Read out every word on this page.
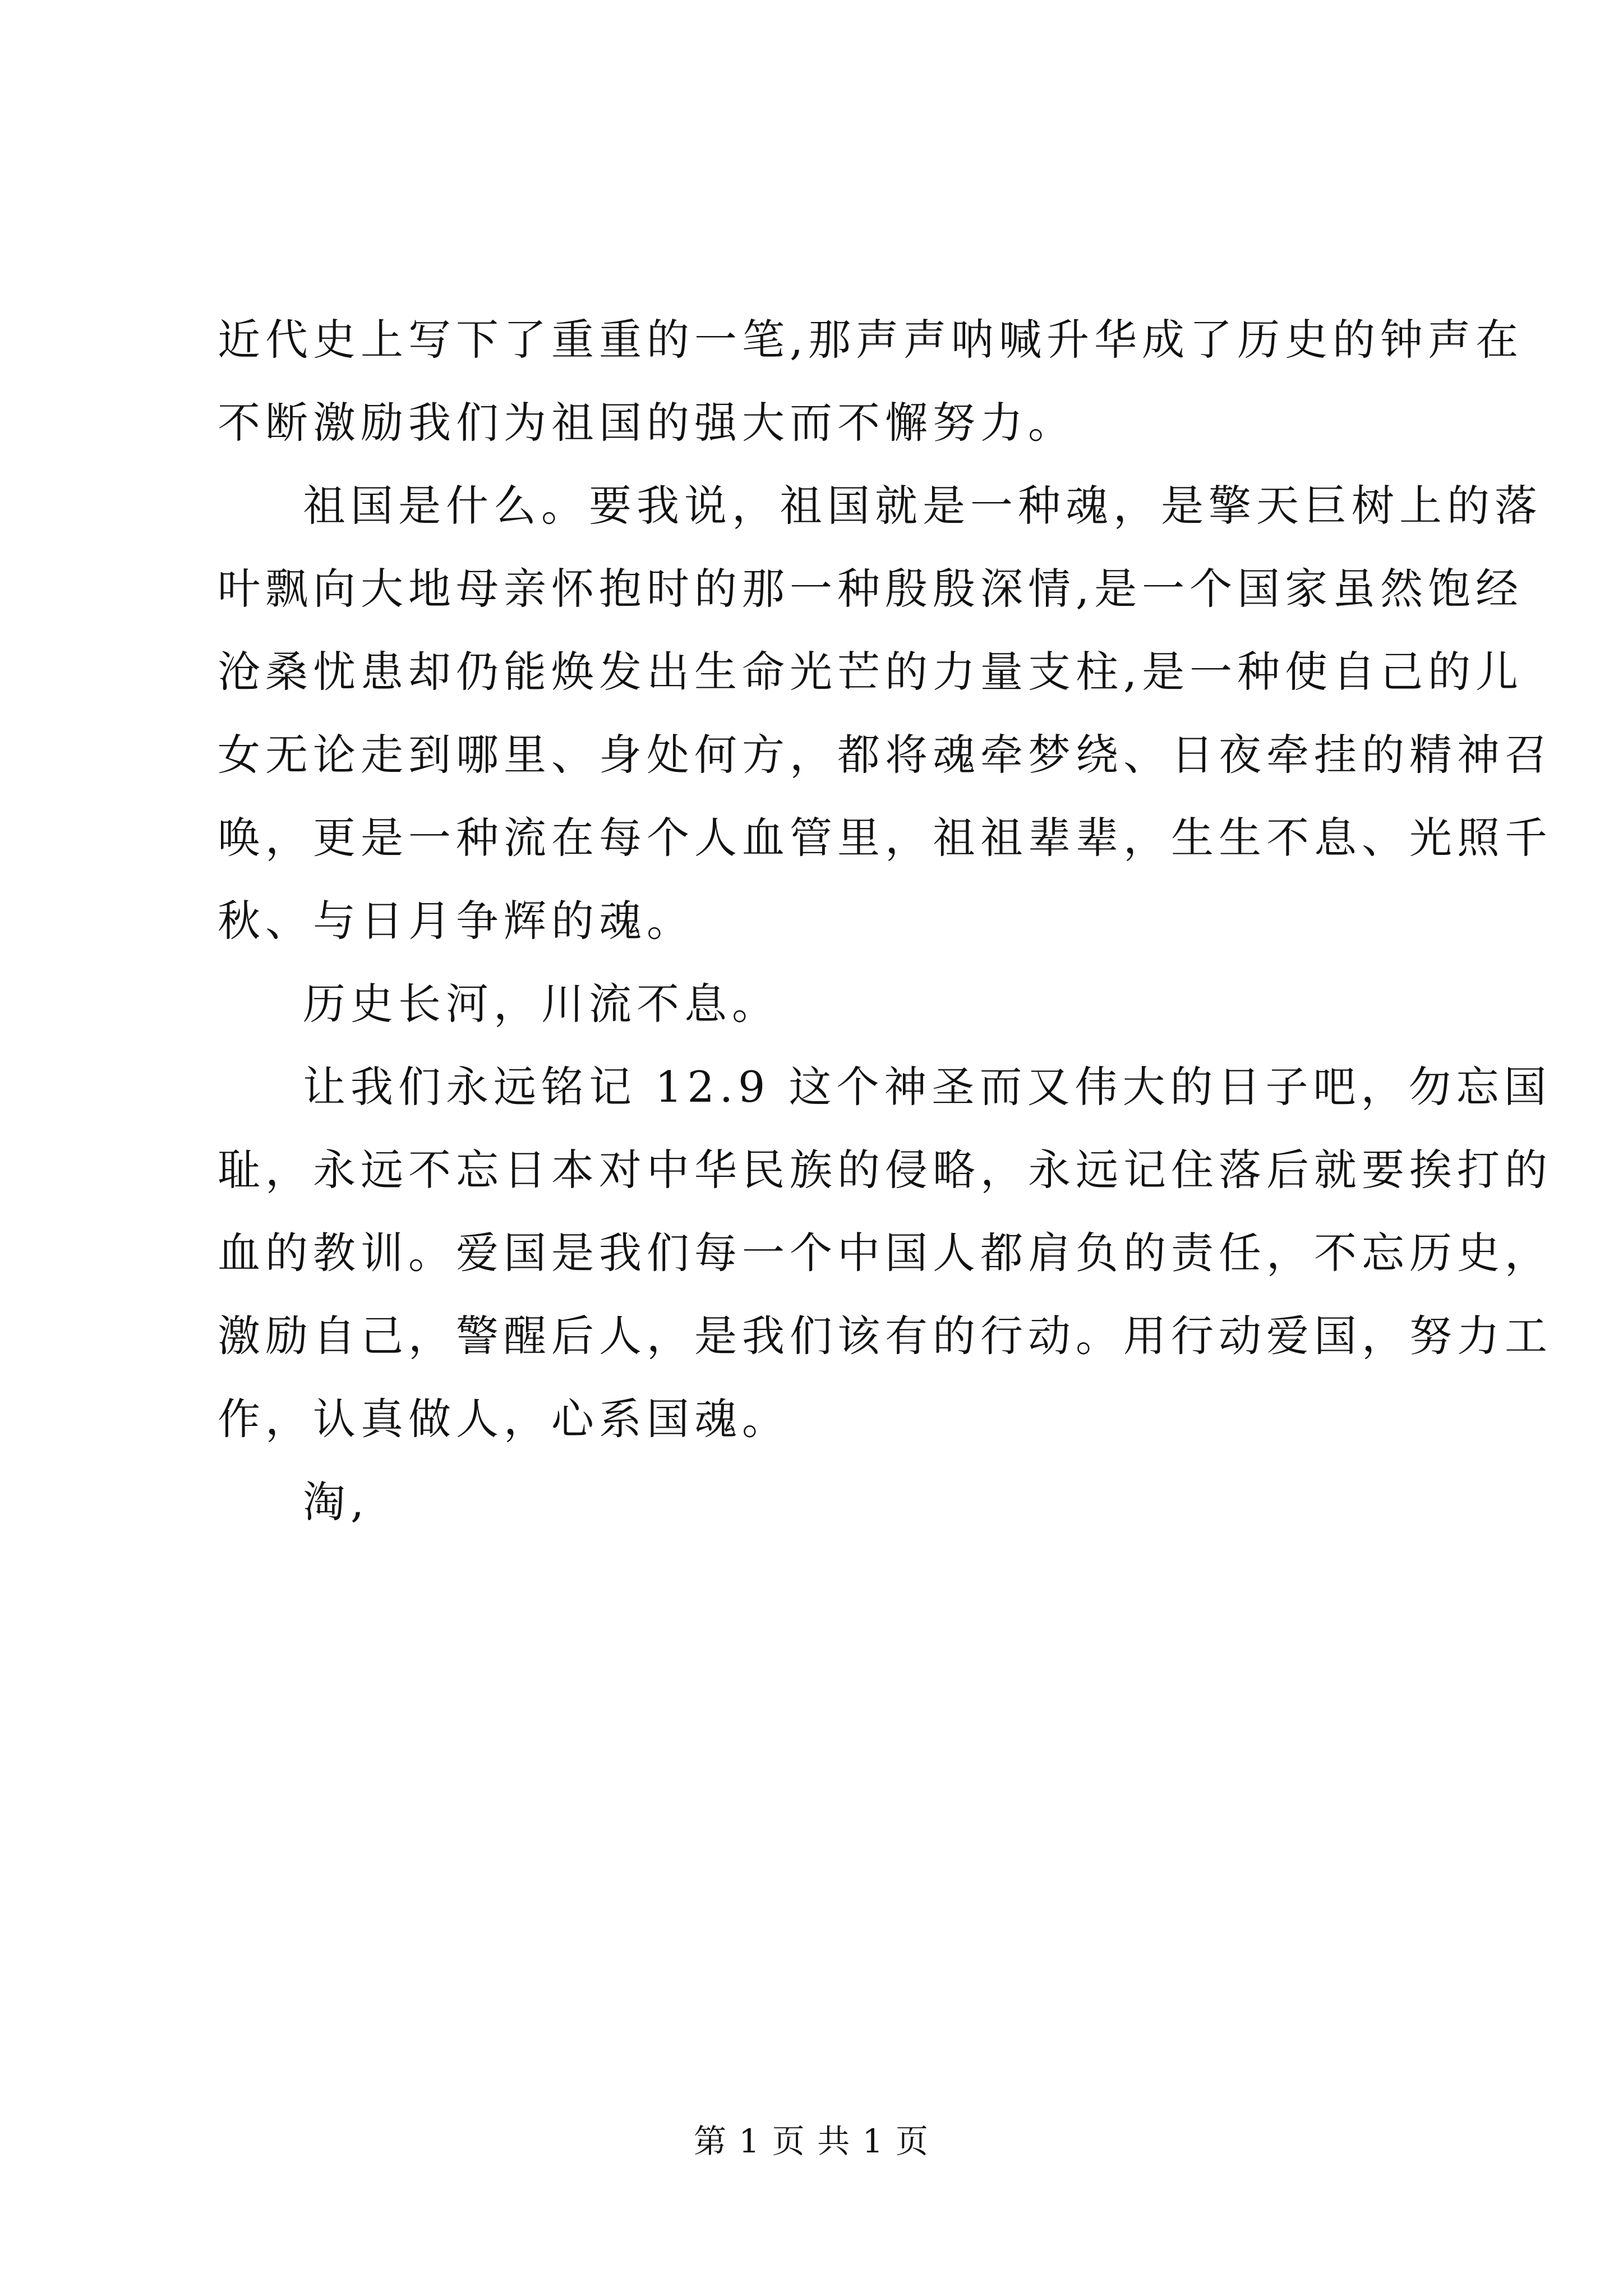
近代史上写下了重重的一笔,那声声呐喊升华成了历史的钟声在
不断激励我们为祖国的强大而不懈努力。
祖国是什么。要我说，祖国就是一种魂，是擎天巨树上的落
叶飘向大地母亲怀抱时的那一种殷殷深情,是一个国家虽然饱经
沧桑忧患却仍能焕发出生命光芒的力量支柱,是一种使自己的儿
女无论走到哪里、身处何方，都将魂牵梦绕、日夜牵挂的精神召
唤，更是一种流在每个人血管里，祖祖辈辈，生生不息、光照千
秋、与日月争辉的魂。
历史长河，川流不息。
让我们永远铭记 12.9 这个神圣而又伟大的日子吧，勿忘国
耻，永远不忘日本对中华民族的侵略，永远记住落后就要挨打的
血的教训。爱国是我们每一个中国人都肩负的责任，不忘历史，
激励自己，警醒后人，是我们该有的行动。用行动爱国，努力工
作，认真做人，心系国魂。
淘,
第 1 页 共 1 页
